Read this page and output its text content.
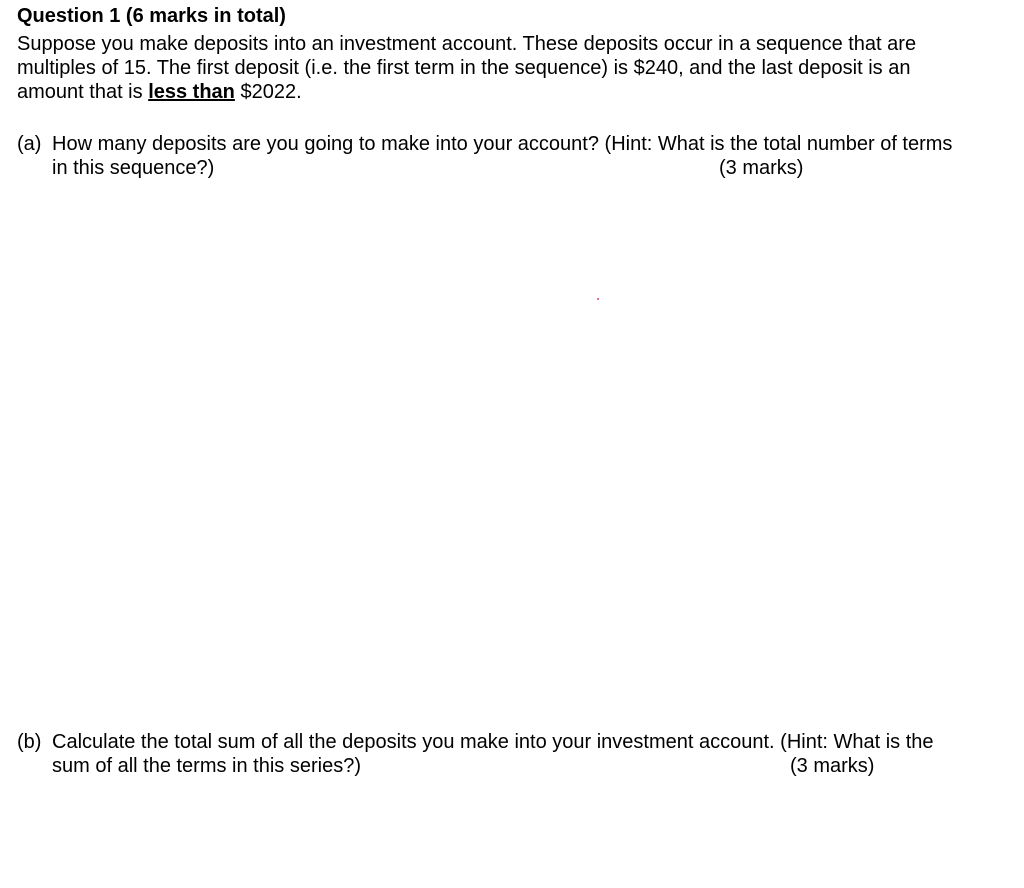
Question 1 (6 marks in total)
Suppose you make deposits into an investment account. These deposits occur in a sequence that are
multiples of 15. The first deposit (i.e. the first term in the sequence) is $240, and the last deposit is an
amount that is less than $2022.
(a) How many deposits are you going to make into your account? (Hint: What is the total number of terms
in this sequence?)	(3 marks)
(b) Calculate the total sum of all the deposits you make into your investment account. (Hint: What is the
sum of all the terms in this series?)	(3 marks)
